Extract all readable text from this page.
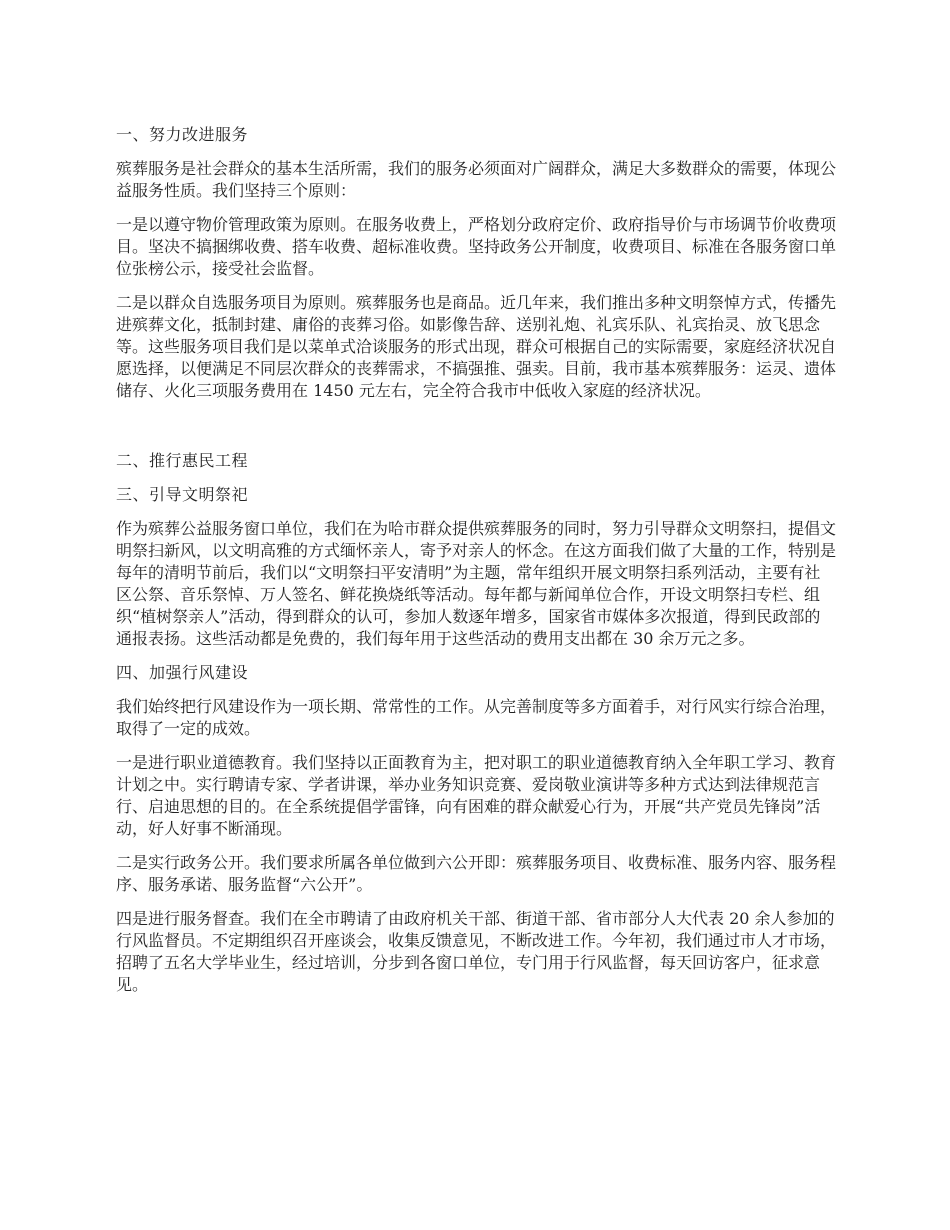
一、努力改进服务

殡葬服务是社会群众的基本生活所需，我们的服务必须面对广阔群众，满足大多数群众的需要，体现公益服务性质。我们坚持三个原则：

一是以遵守物价管理政策为原则。在服务收费上，严格划分政府定价、政府指导价与市场调节价收费项目。坚决不搞捆绑收费、搭车收费、超标准收费。坚持政务公开制度，收费项目、标准在各服务窗口单位张榜公示，接受社会监督。

二是以群众自选服务项目为原则。殡葬服务也是商品。近几年来，我们推出多种文明祭悼方式，传播先进殡葬文化，抵制封建、庸俗的丧葬习俗。如影像告辞、送别礼炮、礼宾乐队、礼宾抬灵、放飞思念等。这些服务项目我们是以菜单式洽谈服务的形式出现，群众可根据自己的实际需要，家庭经济状况自愿选择，以便满足不同层次群众的丧葬需求，不搞强推、强卖。目前，我市基本殡葬服务：运灵、遗体储存、火化三项服务费用在 1450 元左右，完全符合我市中低收入家庭的经济状况。

二、推行惠民工程

三、引导文明祭祀

作为殡葬公益服务窗口单位，我们在为哈市群众提供殡葬服务的同时，努力引导群众文明祭扫，提倡文明祭扫新风，以文明高雅的方式缅怀亲人，寄予对亲人的怀念。在这方面我们做了大量的工作，特别是每年的清明节前后，我们以“文明祭扫平安清明”为主题，常年组织开展文明祭扫系列活动，主要有社区公祭、音乐祭悼、万人签名、鲜花换烧纸等活动。每年都与新闻单位合作，开设文明祭扫专栏、组织“植树祭亲人”活动，得到群众的认可，参加人数逐年增多，国家省市媒体多次报道，得到民政部的通报表扬。这些活动都是免费的，我们每年用于这些活动的费用支出都在 30 余万元之多。

四、加强行风建设

我们始终把行风建设作为一项长期、常常性的工作。从完善制度等多方面着手，对行风实行综合治理，取得了一定的成效。

一是进行职业道德教育。我们坚持以正面教育为主，把对职工的职业道德教育纳入全年职工学习、教育计划之中。实行聘请专家、学者讲课，举办业务知识竞赛、爱岗敬业演讲等多种方式达到法律规范言行、启迪思想的目的。在全系统提倡学雷锋，向有困难的群众献爱心行为，开展“共产党员先锋岗”活动，好人好事不断涌现。

二是实行政务公开。我们要求所属各单位做到六公开即：殡葬服务项目、收费标准、服务内容、服务程序、服务承诺、服务监督“六公开”。

四是进行服务督查。我们在全市聘请了由政府机关干部、街道干部、省市部分人大代表 20 余人参加的行风监督员。不定期组织召开座谈会，收集反馈意见，不断改进工作。今年初，我们通过市人才市场，招聘了五名大学毕业生，经过培训，分步到各窗口单位，专门用于行风监督，每天回访客户，征求意见。
